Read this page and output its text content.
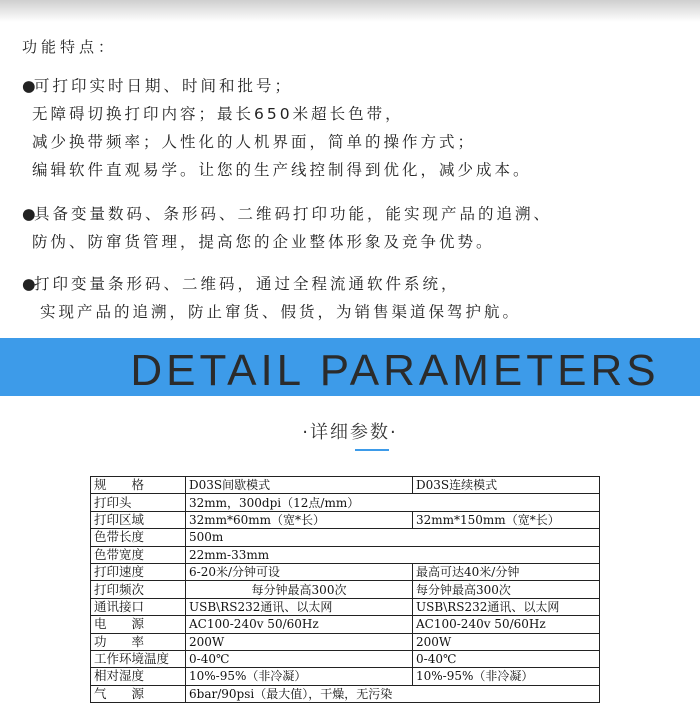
功能特点：
●可打印实时日期、时间和批号；
无障碍切换打印内容；最长650米超长色带，
减少换带频率；人性化的人机界面，简单的操作方式；
编辑软件直观易学。让您的生产线控制得到优化，减少成本。
●具备变量数码、条形码、二维码打印功能，能实现产品的追溯、
防伪、防窜货管理，提高您的企业整体形象及竞争优势。
●打印变量条形码、二维码，通过全程流通软件系统，
实现产品的追溯，防止窜货、假货，为销售渠道保驾护航。
DETAIL PARAMETERS
·详细参数·
规　　格	D03S间歇模式	D03S连续模式
打印头	32mm，300dpi（12点/mm）	
打印区域	32mm*60mm（宽*长）	32mm*150mm（宽*长）
色带长度	500m	
色带宽度	22mm-33mm	
打印速度	6-20米/分钟可设	最高可达40米/分钟
打印频次	每分钟最高300次	每分钟最高300次
通讯接口	USB\RS232通讯、以太网	USB\RS232通讯、以太网
电　　源	AC100-240v 50/60Hz	AC100-240v 50/60Hz
功　　率	200W	200W
工作环境温度	0-40℃	0-40℃
相对湿度	10%-95%（非冷凝）	10%-95%（非冷凝）
气　　源	6bar/90psi（最大值），干燥，无污染	
